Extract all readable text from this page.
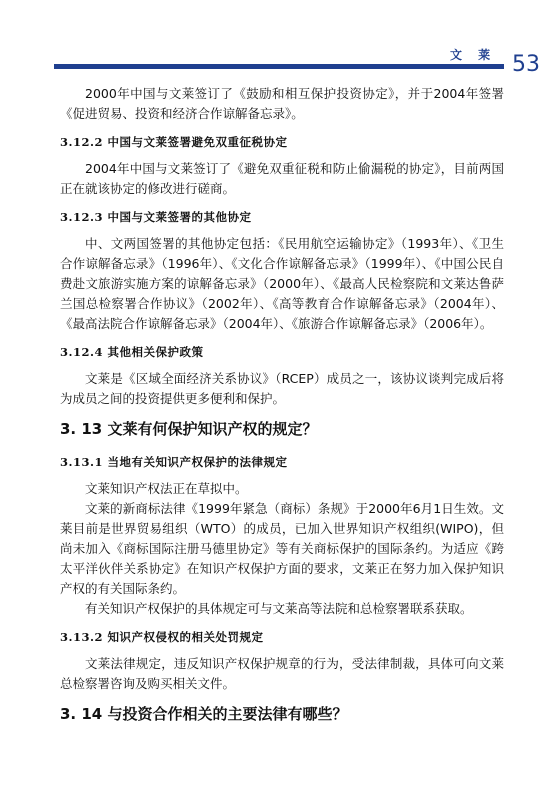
文 莱 53

2000年中国与文莱签订了《鼓励和相互保护投资协定》，并于2004年签署《促进贸易、投资和经济合作谅解备忘录》。

3.12.2 中国与文莱签署避免双重征税协定

2004年中国与文莱签订了《避免双重征税和防止偷漏税的协定》，目前两国正在就该协定的修改进行磋商。

3.12.3 中国与文莱签署的其他协定

中、文两国签署的其他协定包括：《民用航空运输协定》（1993年）、《卫生合作谅解备忘录》（1996年）、《文化合作谅解备忘录》（1999年）、《中国公民自费赴文旅游实施方案的谅解备忘录》（2000年）、《最高人民检察院和文莱达鲁萨兰国总检察署合作协议》（2002年）、《高等教育合作谅解备忘录》（2004年）、《最高法院合作谅解备忘录》（2004年）、《旅游合作谅解备忘录》（2006年）。

3.12.4 其他相关保护政策

文莱是《区域全面经济关系协议》（RCEP）成员之一，该协议谈判完成后将为成员之间的投资提供更多便利和保护。

3. 13 文莱有何保护知识产权的规定？
3.13.1 当地有关知识产权保护的法律规定

文莱知识产权法正在草拟中。

文莱的新商标法律《1999年紧急（商标）条规》于2000年6月1日生效。文莱目前是世界贸易组织（WTO）的成员，已加入世界知识产权组织(WIPO)，但尚未加入《商标国际注册马德里协定》等有关商标保护的国际条约。为适应《跨太平洋伙伴关系协定》在知识产权保护方面的要求，文莱正在努力加入保护知识产权的有关国际条约。

有关知识产权保护的具体规定可与文莱高等法院和总检察署联系获取。

3.13.2 知识产权侵权的相关处罚规定

文莱法律规定，违反知识产权保护规章的行为，受法律制裁，具体可向文莱总检察署咨询及购买相关文件。

3. 14 与投资合作相关的主要法律有哪些？
